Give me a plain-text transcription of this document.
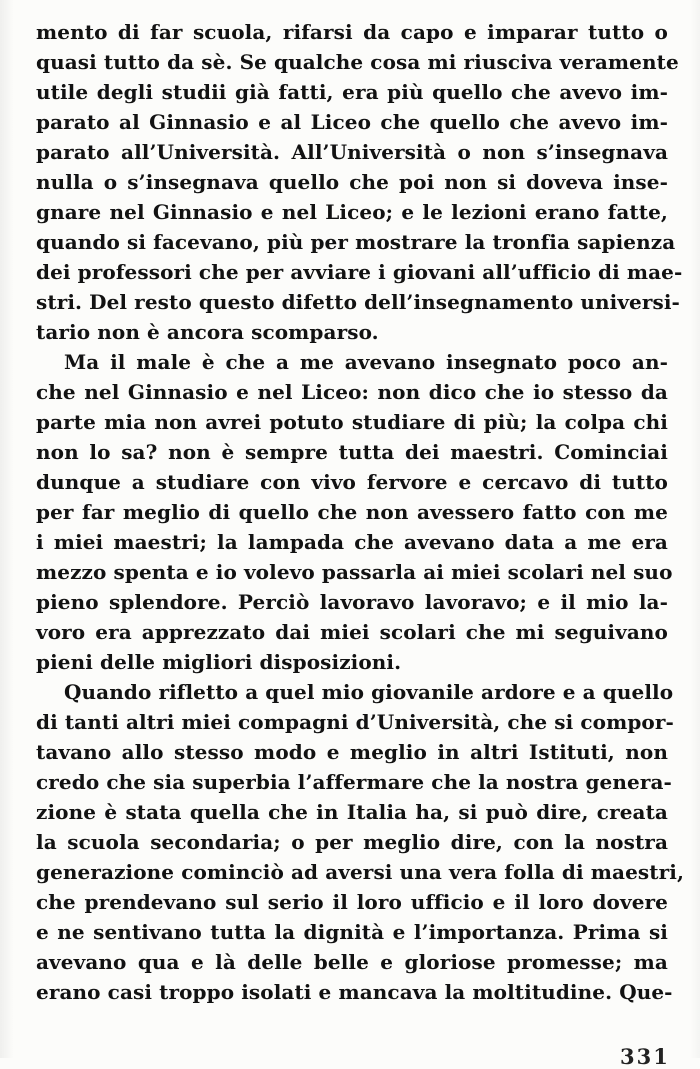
mento di far scuola, rifarsi da capo e imparar tutto o
quasi tutto da sè. Se qualche cosa mi riusciva veramente
utile degli studii già fatti, era più quello che avevo im-
parato al Ginnasio e al Liceo che quello che avevo im-
parato all’Università. All’Università o non s’insegnava
nulla o s’insegnava quello che poi non si doveva inse-
gnare nel Ginnasio e nel Liceo; e le lezioni erano fatte,
quando si facevano, più per mostrare la tronfia sapienza
dei professori che per avviare i giovani all’ufficio di mae-
stri. Del resto questo difetto dell’insegnamento universi-
tario non è ancora scomparso.
Ma il male è che a me avevano insegnato poco an-
che nel Ginnasio e nel Liceo: non dico che io stesso da
parte mia non avrei potuto studiare di più; la colpa chi
non lo sa? non è sempre tutta dei maestri. Cominciai
dunque a studiare con vivo fervore e cercavo di tutto
per far meglio di quello che non avessero fatto con me
i miei maestri; la lampada che avevano data a me era
mezzo spenta e io volevo passarla ai miei scolari nel suo
pieno splendore. Perciò lavoravo lavoravo; e il mio la-
voro era apprezzato dai miei scolari che mi seguivano
pieni delle migliori disposizioni.
Quando rifletto a quel mio giovanile ardore e a quello
di tanti altri miei compagni d’Università, che si compor-
tavano allo stesso modo e meglio in altri Istituti, non
credo che sia superbia l’affermare che la nostra genera-
zione è stata quella che in Italia ha, si può dire, creata
la scuola secondaria; o per meglio dire, con la nostra
generazione cominciò ad aversi una vera folla di maestri,
che prendevano sul serio il loro ufficio e il loro dovere
e ne sentivano tutta la dignità e l’importanza. Prima si
avevano qua e là delle belle e gloriose promesse; ma
erano casi troppo isolati e mancava la moltitudine. Que-
331
